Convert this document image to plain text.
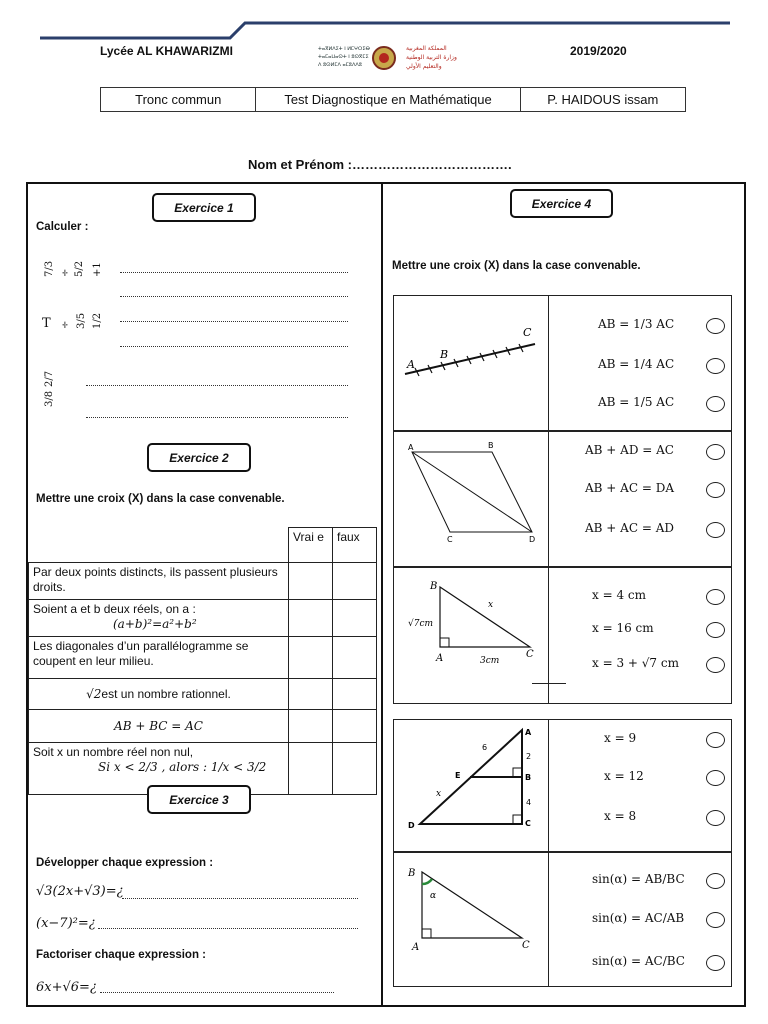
Lycée AL KHAWARIZMI	2019/2020
ⵜⴰⴳⵍⴷⵉⵜ ⵏ ⵍⵎⵖⵔⵉⴱ
ⵜⴰⵎⴰⵡⴰⵙⵜ ⵏ ⵓⵙⴳⵎⵉ
ⴷ ⵓⵙⵍⵎⴷ ⴰⵎⵓⴷⴷⵓ
المملكة المغربية
وزارة التربية الوطنية
والتعليم الأولي
Tronc commun	Test Diagnostique en Mathématique	P. HAIDOUS issam
Nom et Prénom :……………………………….
Exercice 1
Calculer :
7/3 ÷ 5/2 +1
T ÷ 3/5 1/2
2/7
3/8
Exercice 2
Mettre une croix (X) dans la case convenable.
	Vrai e	faux
Par deux points distincts, ils passent plusieurs droits.		
Soient a et b deux réels, on a :
(a+b)²=a²+b²		
Les diagonales d’un parallélogramme se coupent en leur milieu.		
√2est un nombre rationnel.		
AB + BC = AC		
Soit x un nombre réel non nul,
Si x < 2/3 , alors : 1/x < 3/2		
Exercice 3
Développer chaque expression :
√3(2x+√3)=¿
(x−7)²=¿
Factoriser chaque expression :
6x+√6=¿
Exercice 4
Mettre une croix (X) dans la case convenable.
A
B
C
A	B
C	D
B
A	C
√7cm
3cm
x
A
B
C
D
E
6
2
4
x
B
A	C
α
AB = 1/3 AC
AB = 1/4 AC
AB = 1/5 AC
AB + AD = AC
AB + AC = DA
AB + AC = AD
x = 4 cm
x = 16 cm
x = 3 + √7 cm
x = 9
x = 12
x = 8
sin(α) = AB/BC
sin(α) = AC/AB
sin(α) = AC/BC
